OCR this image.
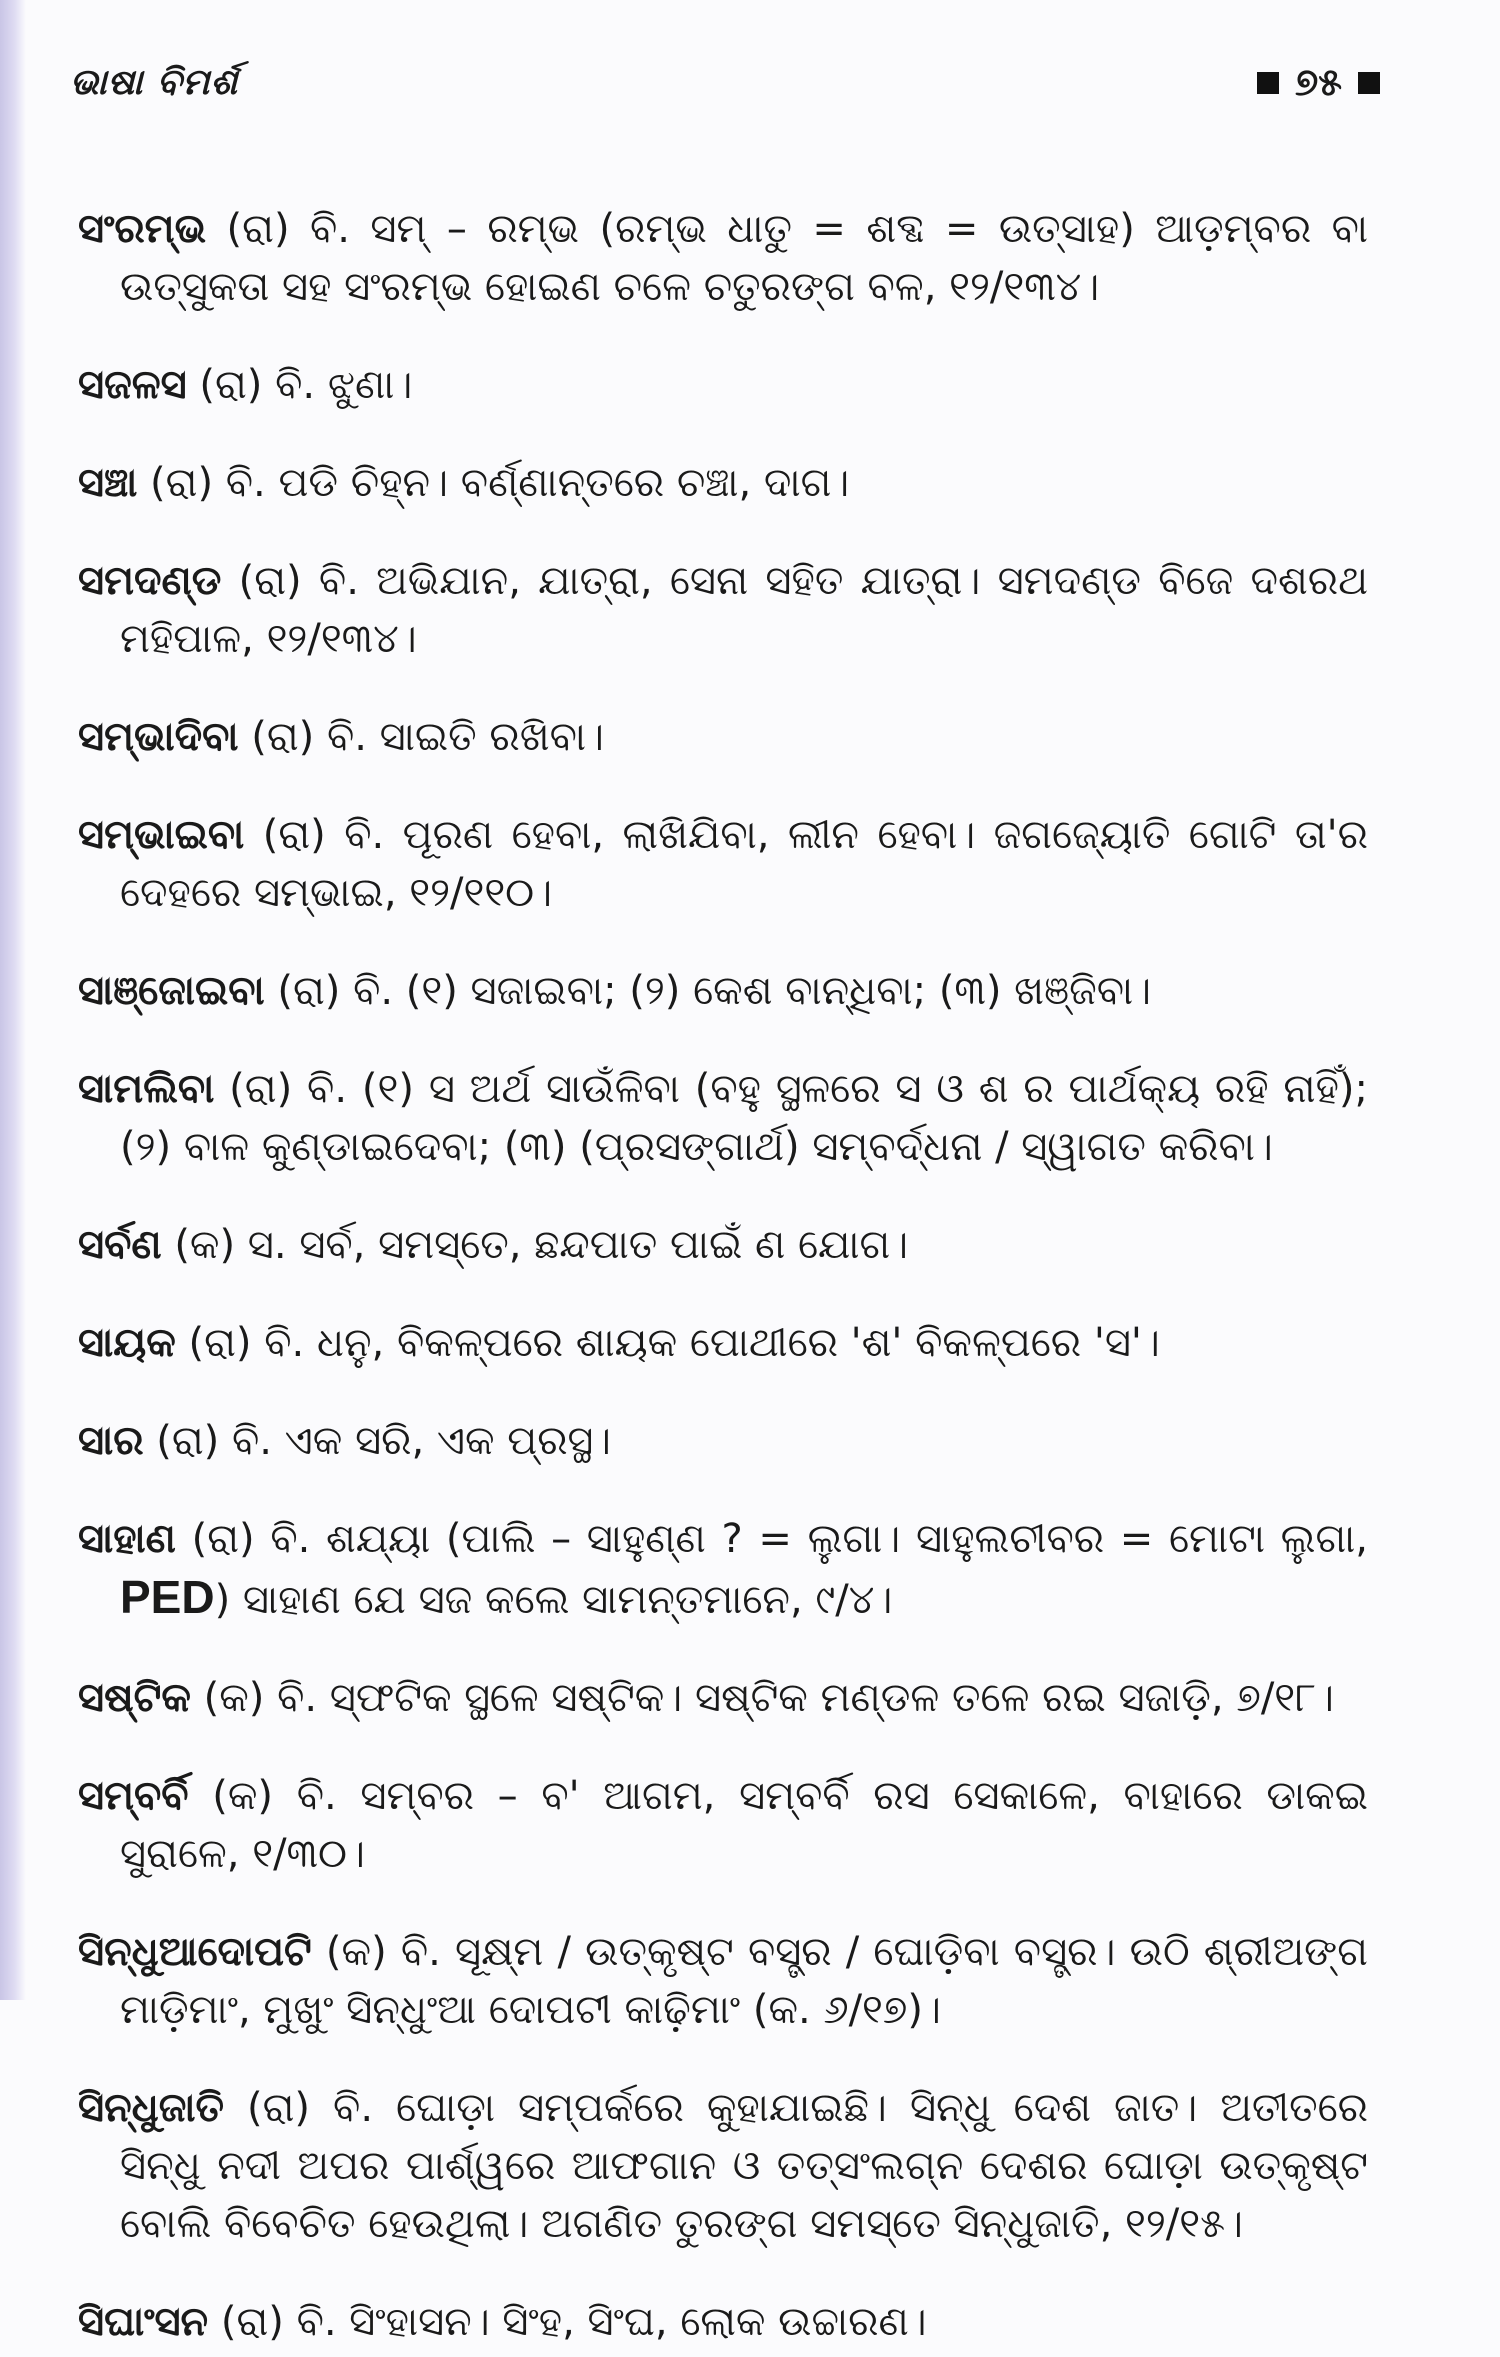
ଭାଷା ବିମର୍ଶ	୭୫

ସଂରମ୍ଭ (ରା) ବି. ସମ୍ – ରମ୍ଭ (ରମ୍ଭ ଧାତୁ = ଶବ୍ଦ = ଉତ୍ସାହ) ଆଡ଼ମ୍ବର ବା ଉତ୍ସୁକତା ସହ ସଂରମ୍ଭ ହୋଇଣ ଚଳେ ଚତୁରଙ୍ଗ ବଳ, ୧୨/୧୩୪।

ସଜଳସ (ରା) ବି. ଝୁଣା।

ସଞ୍ଚା (ରା) ବି. ପଡି ଚିହ୍ନ। ବର୍ଣ୍ଣାନ୍ତରେ ଚଞ୍ଚା, ଦାଗ।

ସମଦଣ୍ଡ (ରା) ବି. ଅଭିଯାନ, ଯାତ୍ରା, ସେନା ସହିତ ଯାତ୍ରା। ସମଦଣ୍ଡ ବିଜେ ଦଶରଥ ମହିପାଳ, ୧୨/୧୩୪।

ସମ୍ଭାଦିବା (ରା) ବି. ସାଇତି ରଖିବା।

ସମ୍ଭାଇବା (ରା) ବି. ପୂରଣ ହେବା, ଲାଖିଯିବା, ଲୀନ ହେବା। ଜଗଜ୍ୟୋତି ଗୋଟି ତା'ର ଦେହରେ ସମ୍ଭାଇ, ୧୨/୧୧୦।

ସାଞ୍ଜୋଇବା (ରା) ବି. (୧) ସଜାଇବା; (୨) କେଶ ବାନ୍ଧିବା; (୩) ଖଞ୍ଜିବା।

ସାମଲିବା (ରା) ବି. (୧) ସ ଅର୍ଥ ସାଉଁଳିବା (ବହୁ ସ୍ଥଳରେ ସ ଓ ଶ ର ପାର୍ଥକ୍ୟ ରହି ନାହିଁ); (୨) ବାଳ କୁଣ୍ଡାଇଦେବା; (୩) (ପ୍ରସଙ୍ଗାର୍ଥ) ସମ୍ବର୍ଦ୍ଧନା / ସ୍ୱାଗତ କରିବା।

ସର୍ବଣ (କ) ସ. ସର୍ବ, ସମସ୍ତେ, ଛନ୍ଦପାତ ପାଇଁ ଣ ଯୋଗ।

ସାୟକ (ରା) ବି. ଧନୁ, ବିକଳ୍ପରେ ଶାୟକ ପୋଥୀରେ 'ଶ' ବିକଳ୍ପରେ 'ସ'।

ସାର (ରା) ବି. ଏକ ସରି, ଏକ ପ୍ରସ୍ଥ।

ସାହାଣ (ରା) ବି. ଶଯ୍ୟା (ପାଲି – ସାହୁଣ୍ଣ ? = ଲୁଗା। ସାହୁଲଚୀବର = ମୋଟା ଲୁଗା, PED) ସାହାଣ ଯେ ସଜ କଲେ ସାମନ୍ତମାନେ, ୯/୪।

ସଷ୍ଟିକ (କ) ବି. ସ୍ଫଟିକ ସ୍ଥଳେ ସଷ୍ଟିକ। ସଷ୍ଟିକ ମଣ୍ଡଳ ତଳେ ରଇ ସଜାଡ଼ି, ୭/୧୮।

ସମ୍ବର୍ବି (କ) ବି. ସମ୍ବର – ବ' ଆଗମ, ସମ୍ବର୍ବି ରସ ସେକାଳେ, ବାହାରେ ଡାକଇ ସୁରାଳେ, ୧/୩୦।

ସିନ୍ଧୁଆଦୋପଟି (କ) ବି. ସୂକ୍ଷ୍ମ / ଉତ୍କୃଷ୍ଟ ବସ୍ତ୍ର / ଘୋଡ଼ିବା ବସ୍ତ୍ର। ଉଠି ଶ୍ରୀଅଙ୍ଗ ମାଡ଼ିମାଂ, ମୁଖୁଂ ସିନ୍ଧୁଂଆ ଦୋପଟୀ କାଢ଼ିମାଂ (କ. ୬/୧୭)।

ସିନ୍ଧୁଜାତି (ରା) ବି. ଘୋଡ଼ା ସମ୍ପର୍କରେ କୁହାଯାଇଛି। ସିନ୍ଧୁ ଦେଶ ଜାତ। ଅତୀତରେ ସିନ୍ଧୁ ନଦୀ ଅପର ପାର୍ଶ୍ୱରେ ଆଫଗାନ ଓ ତତ୍ସଂଲଗ୍ନ ଦେଶର ଘୋଡ଼ା ଉତ୍କୃଷ୍ଟ ବୋଲି ବିବେଚିତ ହେଉଥିଲା। ଅଗଣିତ ତୁରଙ୍ଗ ସମସ୍ତେ ସିନ୍ଧୁଜାତି, ୧୨/୧୫।

ସିଘାଂସନ (ରା) ବି. ସିଂହାସନ। ସିଂହ, ସିଂଘ, ଲୋକ ଉଚ୍ଚାରଣ।
